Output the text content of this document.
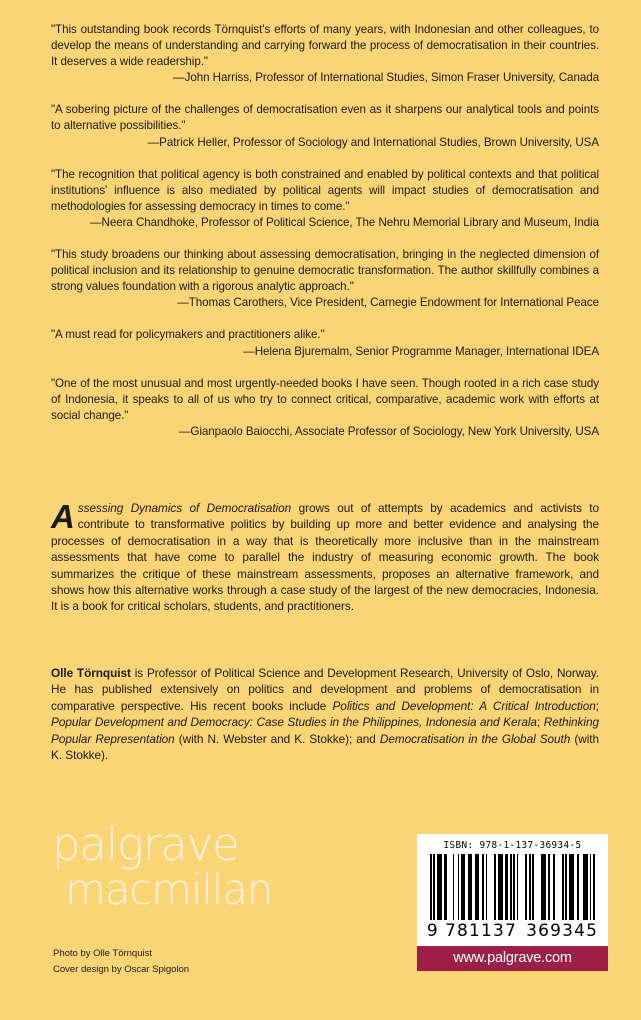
"This outstanding book records Törnquist's efforts of many years, with Indonesian and other colleagues, to develop the means of understanding and carrying forward the process of democratisation in their countries. It deserves a wide readership."

—John Harriss, Professor of International Studies, Simon Fraser University, Canada

"A sobering picture of the challenges of democratisation even as it sharpens our analytical tools and points to alternative possibilities."

—Patrick Heller, Professor of Sociology and International Studies, Brown University, USA

"The recognition that political agency is both constrained and enabled by political contexts and that political institutions' influence is also mediated by political agents will impact studies of democratisation and methodologies for assessing democracy in times to come."

—Neera Chandhoke, Professor of Political Science, The Nehru Memorial Library and Museum, India

"This study broadens our thinking about assessing democratisation, bringing in the neglected dimension of political inclusion and its relationship to genuine democratic transformation. The author skillfully combines a strong values foundation with a rigorous analytic approach."

—Thomas Carothers, Vice President, Carnegie Endowment for International Peace

"A must read for policymakers and practitioners alike."

—Helena Bjuremalm, Senior Programme Manager, International IDEA

"One of the most unusual and most urgently-needed books I have seen. Though rooted in a rich case study of Indonesia, it speaks to all of us who try to connect critical, comparative, academic work with efforts at social change."

—Gianpaolo Baiocchi, Associate Professor of Sociology, New York University, USA

Assessing Dynamics of Democratisation grows out of attempts by academics and activists to contribute to transformative politics by building up more and better evidence and analysing the processes of democratisation in a way that is theoretically more inclusive than in the mainstream assessments that have come to parallel the industry of measuring economic growth. The book summarizes the critique of these mainstream assessments, proposes an alternative framework, and shows how this alternative works through a case study of the largest of the new democracies, Indonesia. It is a book for critical scholars, students, and practitioners.
Olle Törnquist is Professor of Political Science and Development Research, University of Oslo, Norway. He has published extensively on politics and development and problems of democratisation in comparative perspective. His recent books include Politics and Development: A Critical Introduction; Popular Development and Democracy: Case Studies in the Philippines, Indonesia and Kerala; Rethinking Popular Representation (with N. Webster and K. Stokke); and Democratisation in the Global South (with K. Stokke).
palgrave
macmillan
Photo by Olle Törnquist
Cover design by Oscar Spigolon
ISBN: 978-1-137-36934-5
9 781137 369345
www.palgrave.com
